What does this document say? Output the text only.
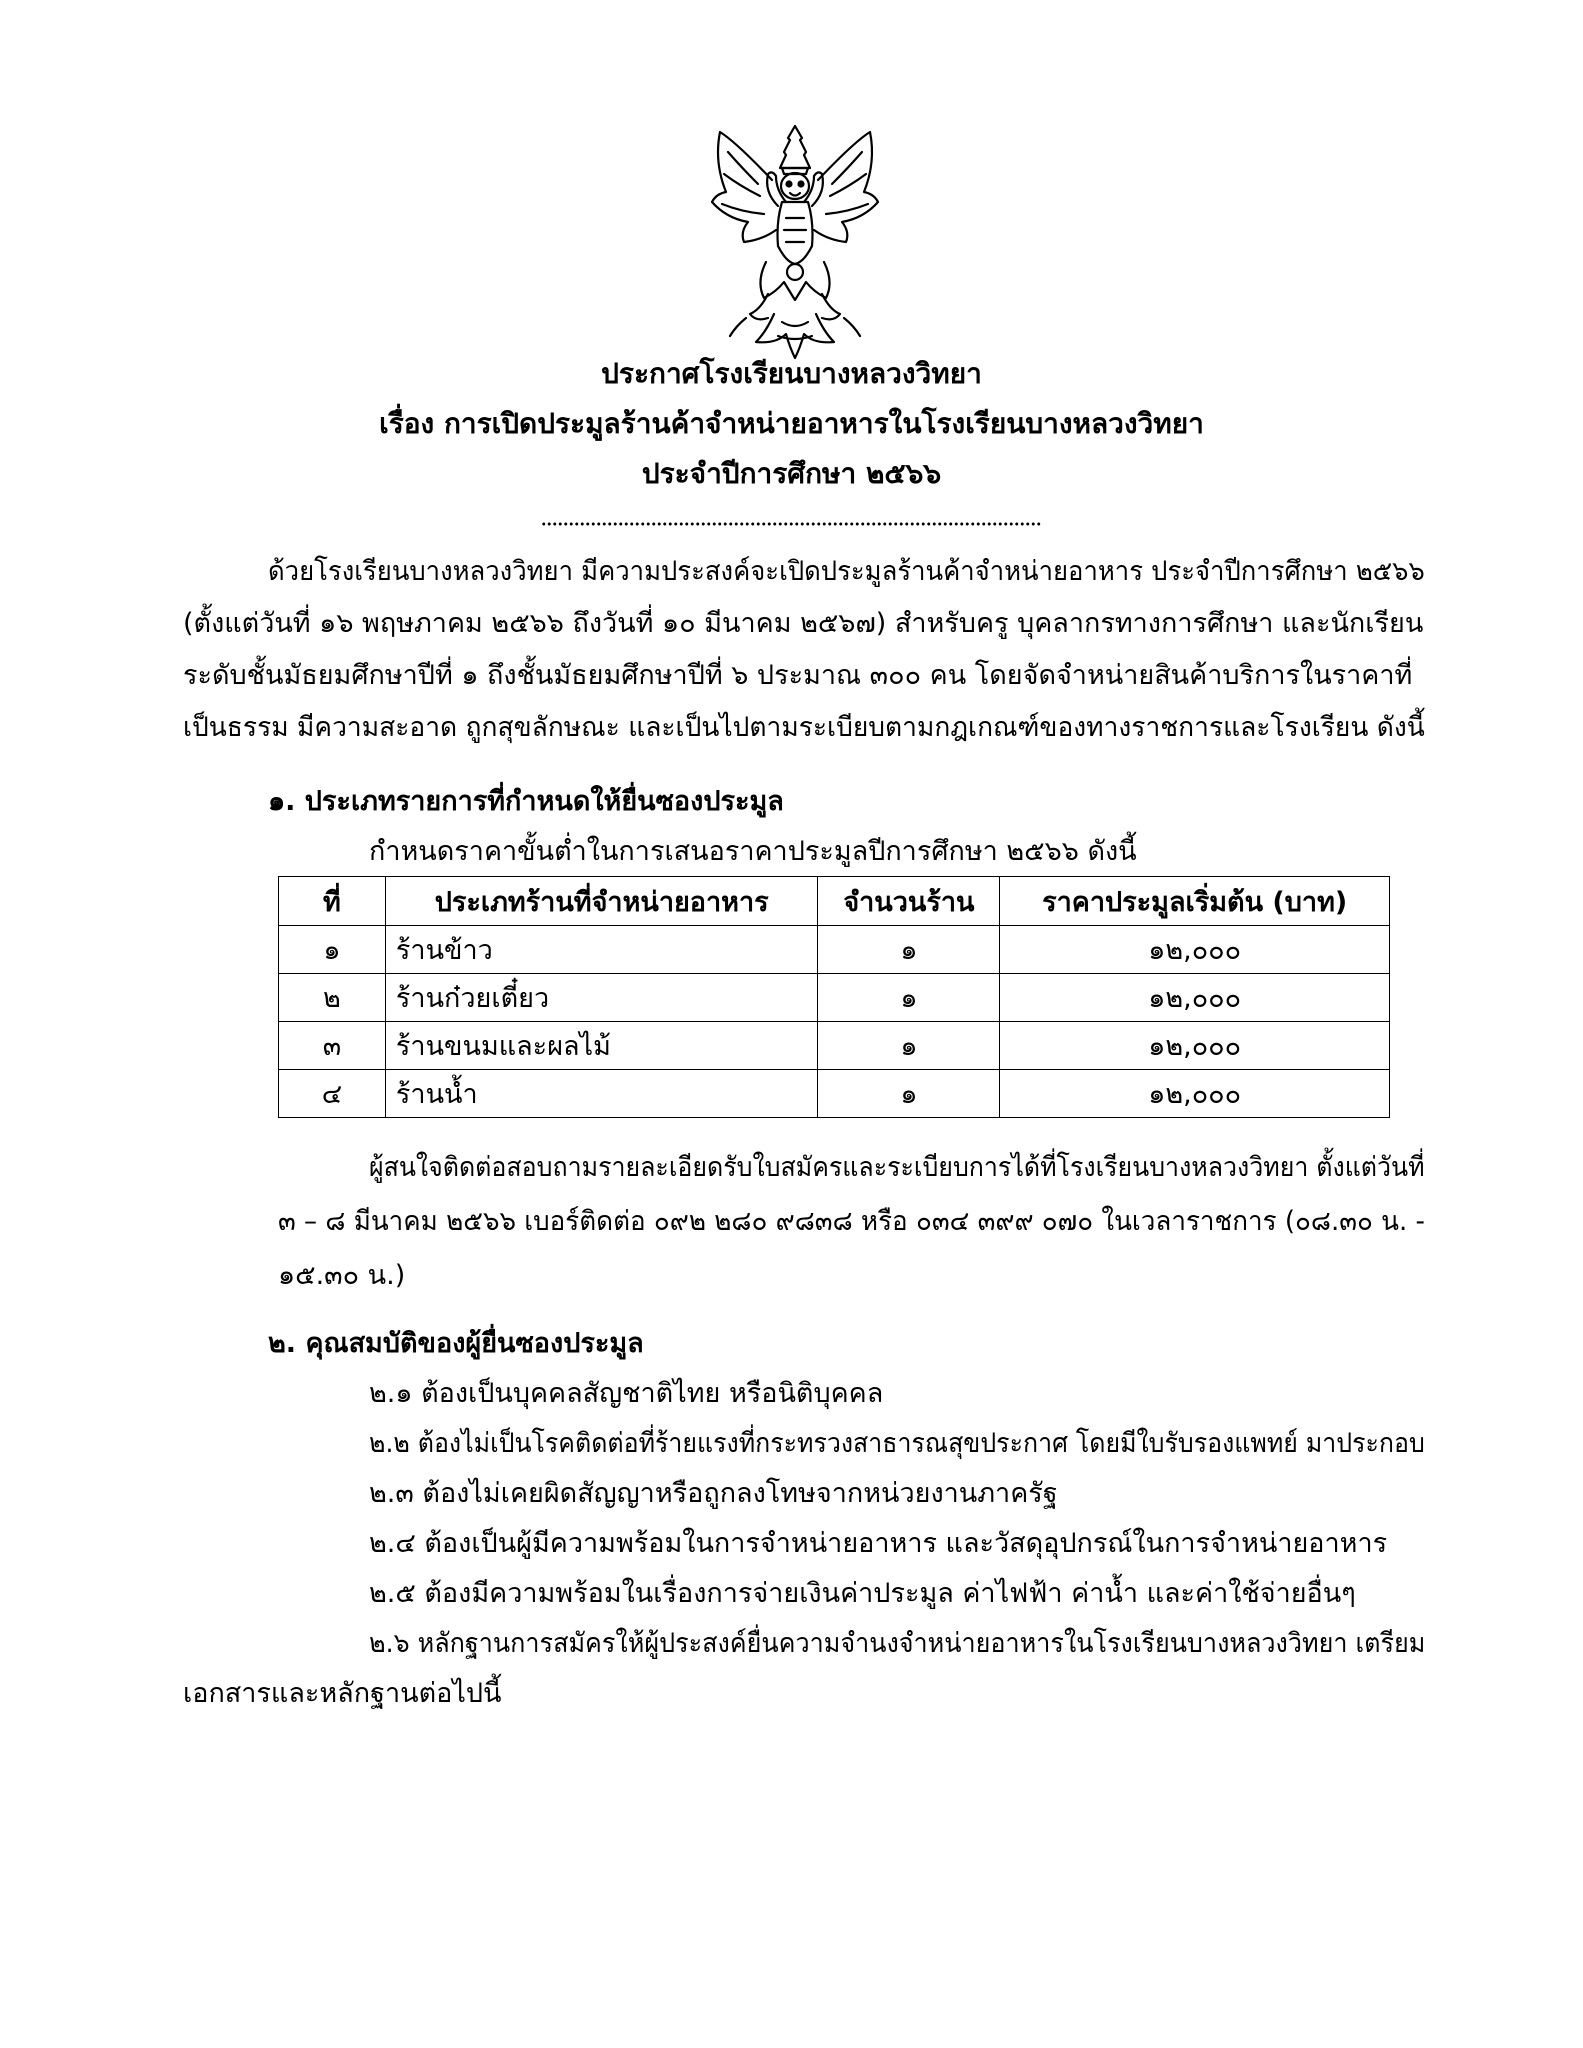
ประกาศโรงเรียนบางหลวงวิทยา
เรื่อง การเปิดประมูลร้านค้าจำหน่ายอาหารในโรงเรียนบางหลวงวิทยา
ประจำปีการศึกษา ๒๕๖๖
ด้วยโรงเรียนบางหลวงวิทยา มีความประสงค์จะเปิดประมูลร้านค้าจำหน่ายอาหาร ประจำปีการศึกษา ๒๕๖๖
(ตั้งแต่วันที่ ๑๖ พฤษภาคม ๒๕๖๖ ถึงวันที่ ๑๐ มีนาคม ๒๕๖๗) สำหรับครู บุคลากรทางการศึกษา และนักเรียน
ระดับชั้นมัธยมศึกษาปีที่ ๑ ถึงชั้นมัธยมศึกษาปีที่ ๖ ประมาณ ๓๐๐ คน โดยจัดจำหน่ายสินค้าบริการในราคาที่
เป็นธรรม มีความสะอาด ถูกสุขลักษณะ และเป็นไปตามระเบียบตามกฎเกณฑ์ของทางราชการและโรงเรียน ดังนี้
๑. ประเภทรายการที่กำหนดให้ยื่นซองประมูล
กำหนดราคาขั้นต่ำในการเสนอราคาประมูลปีการศึกษา ๒๕๖๖ ดังนี้
ที่	ประเภทร้านที่จำหน่ายอาหาร	จำนวนร้าน	ราคาประมูลเริ่มต้น (บาท)
๑	ร้านข้าว	๑	๑๒,๐๐๐
๒	ร้านก๋วยเตี๋ยว	๑	๑๒,๐๐๐
๓	ร้านขนมและผลไม้	๑	๑๒,๐๐๐
๔	ร้านน้ำ	๑	๑๒,๐๐๐
ผู้สนใจติดต่อสอบถามรายละเอียดรับใบสมัครและระเบียบการได้ที่โรงเรียนบางหลวงวิทยา ตั้งแต่วันที่
๓ – ๘ มีนาคม ๒๕๖๖ เบอร์ติดต่อ ๐๙๒ ๒๘๐ ๙๘๓๘ หรือ ๐๓๔ ๓๙๙ ๐๗๐ ในเวลาราชการ (๐๘.๓๐ น. -
๑๕.๓๐ น.)
๒. คุณสมบัติของผู้ยื่นซองประมูล
๒.๑ ต้องเป็นบุคคลสัญชาติไทย หรือนิติบุคคล
๒.๒ ต้องไม่เป็นโรคติดต่อที่ร้ายแรงที่กระทรวงสาธารณสุขประกาศ โดยมีใบรับรองแพทย์ มาประกอบ
๒.๓ ต้องไม่เคยผิดสัญญาหรือถูกลงโทษจากหน่วยงานภาครัฐ
๒.๔ ต้องเป็นผู้มีความพร้อมในการจำหน่ายอาหาร และวัสดุอุปกรณ์ในการจำหน่ายอาหาร
๒.๕ ต้องมีความพร้อมในเรื่องการจ่ายเงินค่าประมูล ค่าไฟฟ้า ค่าน้ำ และค่าใช้จ่ายอื่นๆ
๒.๖ หลักฐานการสมัครให้ผู้ประสงค์ยื่นความจำนงจำหน่ายอาหารในโรงเรียนบางหลวงวิทยา เตรียม
เอกสารและหลักฐานต่อไปนี้
